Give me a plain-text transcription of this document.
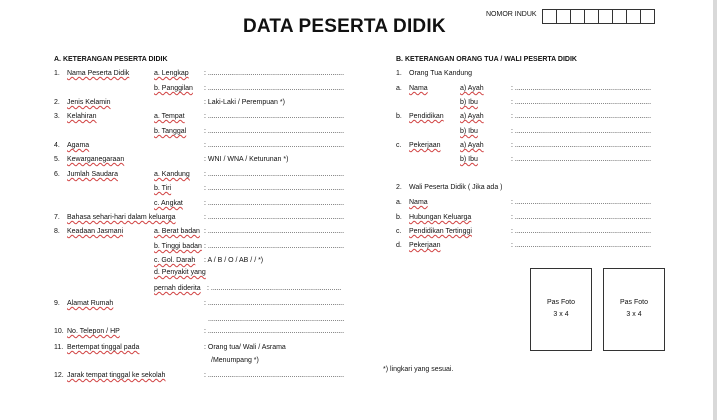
DATA PESERTA DIDIK
NOMOR INDUK
A. KETERANGAN PESERTA DIDIK
1. Nama Peserta Didik	a. Lengkap : ......................................................................
b. Panggilan : ......................................................................
2. Jenis Kelamin	: Laki-Laki / Perempuan *)
3. Kelahiran	a. Tempat	: ......................................................................
b. Tanggal	: ......................................................................
4. Agama	: ......................................................................
5. Kewarganegaraan	: WNI / WNA / Keturunan *)
6. Jumlah Saudara	a. Kandung : ......................................................................
b. Tiri	: ......................................................................
c. Angkat	: ......................................................................
7. Bahasa sehari-hari dalam keluarga	: ......................................................................
8. Keadaan Jasmani	a. Berat badan : ......................................................................
b. Tinggi badan : ......................................................................
c. Gol. Darah : A / B / O / AB / / *)
d. Penyakit yang
pernah diderita : ...................................................................
9. Alamat Rumah	: ......................................................................
......................................................................
10. No. Telepon / HP	: ......................................................................
11. Bertempat tinggal pada	: Orang tua/ Wali / Asrama
/Menumpang *)
12. Jarak tempat tinggal ke sekolah	: ......................................................................
B. KETERANGAN ORANG TUA / WALI PESERTA DIDIK
1. Orang Tua Kandung
a. Nama	a) Ayah	: ......................................................................
b) Ibu	: ......................................................................
b. Pendidikan a) Ayah	: ......................................................................
b) Ibu	: ......................................................................
c. Pekerjaan	a) Ayah	: ......................................................................
b) Ibu	: ......................................................................
2. Wali Peserta Didik ( Jika ada )
a. Nama	: ......................................................................
b. Hubungan Keluarga	: ......................................................................
c. Pendidikan Tertinggi	: ......................................................................
d. Pekerjaan	: ......................................................................
Pas Foto
3 x 4
Pas Foto
3 x 4
*) lingkari yang sesuai.
